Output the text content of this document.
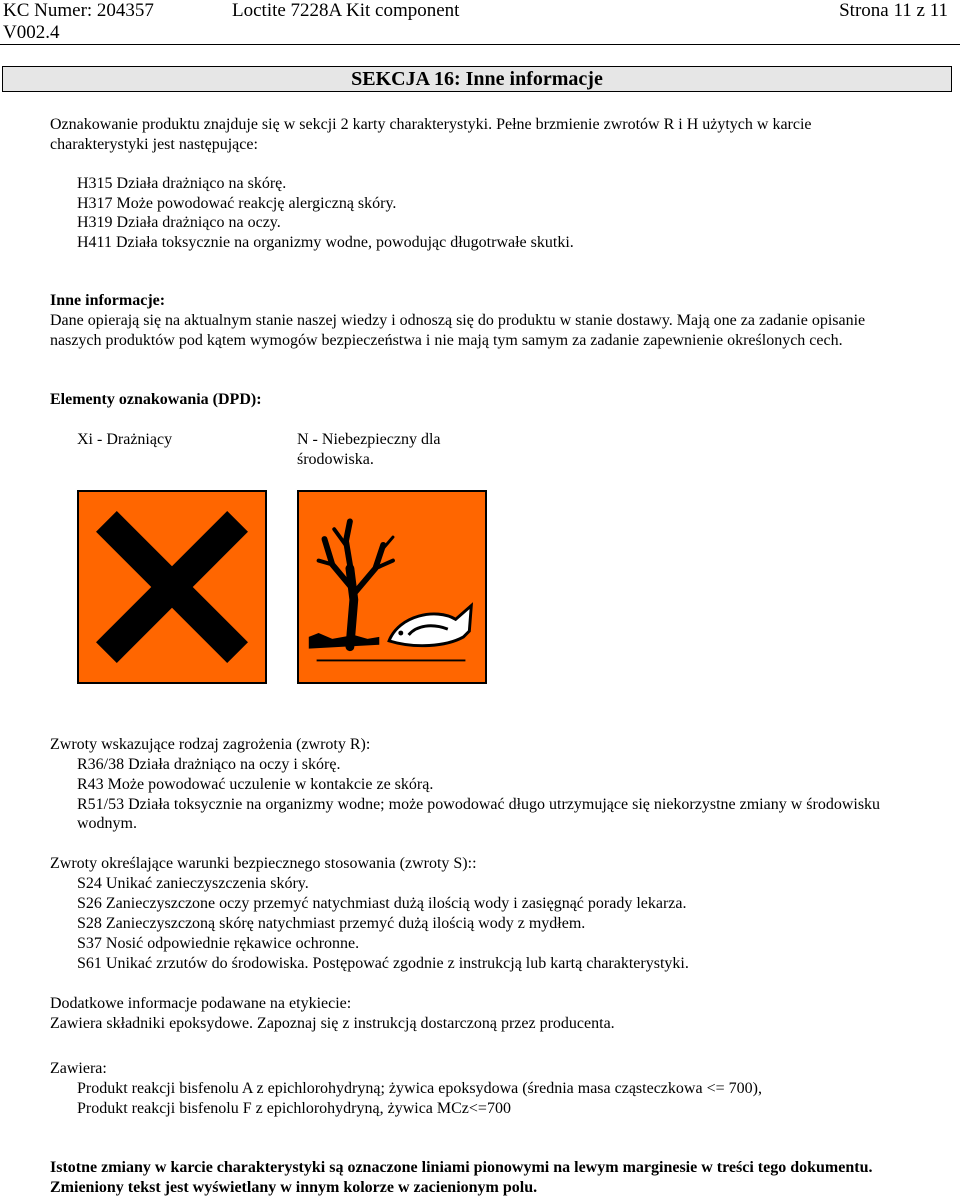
KC Numer: 204357
V002.4
Loctite 7228A Kit component	Strona 11 z 11
SEKCJA 16: Inne informacje
Oznakowanie produktu znajduje się w sekcji 2 karty charakterystyki. Pełne brzmienie zwrotów R i H użytych w karcie
charakterystyki jest następujące:
H315 Działa drażniąco na skórę.
H317 Może powodować reakcję alergiczną skóry.
H319 Działa drażniąco na oczy.
H411 Działa toksycznie na organizmy wodne, powodując długotrwałe skutki.
Inne informacje:
Dane opierają się na aktualnym stanie naszej wiedzy i odnoszą się do produktu w stanie dostawy. Mają one za zadanie opisanie
naszych produktów pod kątem wymogów bezpieczeństwa i nie mają tym samym za zadanie zapewnienie określonych cech.
Elementy oznakowania (DPD):
Xi - Drażniący	N - Niebezpieczny dla
środowiska.
Zwroty wskazujące rodzaj zagrożenia (zwroty R):
R36/38 Działa drażniąco na oczy i skórę.
R43 Może powodować uczulenie w kontakcie ze skórą.
R51/53 Działa toksycznie na organizmy wodne; może powodować długo utrzymujące się niekorzystne zmiany w środowisku
wodnym.
Zwroty określające warunki bezpiecznego stosowania (zwroty S)::
S24 Unikać zanieczyszczenia skóry.
S26 Zanieczyszczone oczy przemyć natychmiast dużą ilością wody i zasięgnąć porady lekarza.
S28 Zanieczyszczoną skórę natychmiast przemyć dużą ilością wody z mydłem.
S37 Nosić odpowiednie rękawice ochronne.
S61 Unikać zrzutów do środowiska. Postępować zgodnie z instrukcją lub kartą charakterystyki.
Dodatkowe informacje podawane na etykiecie:
Zawiera składniki epoksydowe. Zapoznaj się z instrukcją dostarczoną przez producenta.
Zawiera:
Produkt reakcji bisfenolu A z epichlorohydryną; żywica epoksydowa (średnia masa cząsteczkowa <= 700),
Produkt reakcji bisfenolu F z epichlorohydryną, żywica MCz<=700
Istotne zmiany w karcie charakterystyki są oznaczone liniami pionowymi na lewym marginesie w treści tego dokumentu.
Zmieniony tekst jest wyświetlany w innym kolorze w zacienionym polu.
